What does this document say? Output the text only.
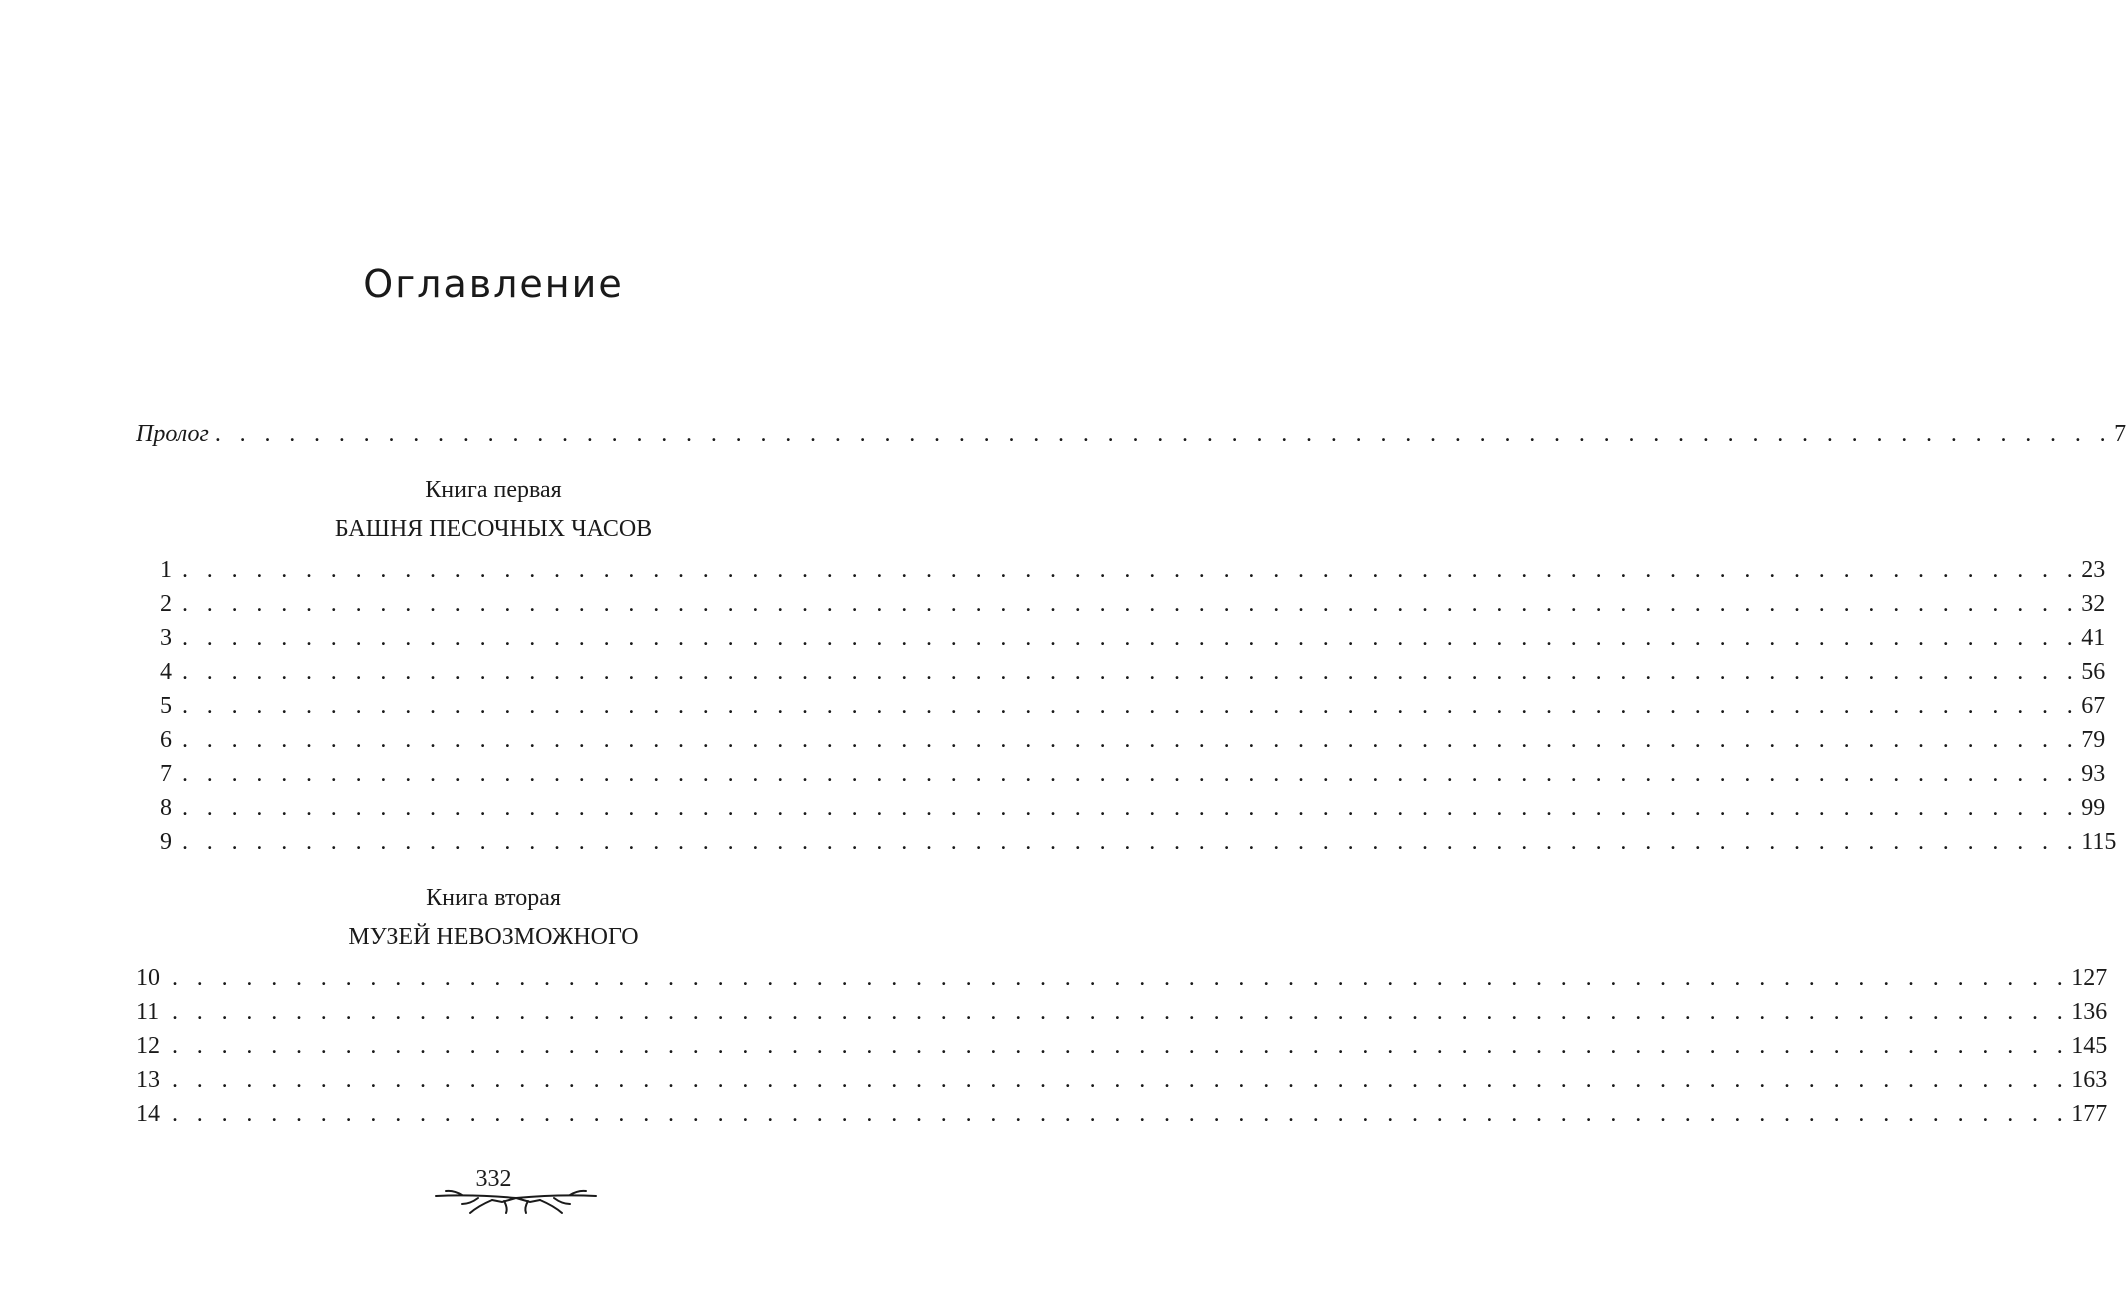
Оглавление
Пролог . . . . . . . . . . . . . . . . . . . . . . . . . . . . . . . . . . . . . . . . . . . . . . . . . . . . . . . . . . . . . . . . . . . . . . . . . . . . . 7
Книга первая
БАШНЯ ПЕСОЧНЫХ ЧАСОВ
1 . . . . . . . . . . . . . . . . . . . . . . . . . . . . . . . . . . . . . . . . . . . . . . . . . . . . . . . . . . . . . . . . . . . . . . . . . . . . . 23
2 . . . . . . . . . . . . . . . . . . . . . . . . . . . . . . . . . . . . . . . . . . . . . . . . . . . . . . . . . . . . . . . . . . . . . . . . . . . . . 32
3 . . . . . . . . . . . . . . . . . . . . . . . . . . . . . . . . . . . . . . . . . . . . . . . . . . . . . . . . . . . . . . . . . . . . . . . . . . . . . 41
4 . . . . . . . . . . . . . . . . . . . . . . . . . . . . . . . . . . . . . . . . . . . . . . . . . . . . . . . . . . . . . . . . . . . . . . . . . . . . . 56
5 . . . . . . . . . . . . . . . . . . . . . . . . . . . . . . . . . . . . . . . . . . . . . . . . . . . . . . . . . . . . . . . . . . . . . . . . . . . . . 67
6 . . . . . . . . . . . . . . . . . . . . . . . . . . . . . . . . . . . . . . . . . . . . . . . . . . . . . . . . . . . . . . . . . . . . . . . . . . . . . 79
7 . . . . . . . . . . . . . . . . . . . . . . . . . . . . . . . . . . . . . . . . . . . . . . . . . . . . . . . . . . . . . . . . . . . . . . . . . . . . . 93
8 . . . . . . . . . . . . . . . . . . . . . . . . . . . . . . . . . . . . . . . . . . . . . . . . . . . . . . . . . . . . . . . . . . . . . . . . . . . . . 99
9 . . . . . . . . . . . . . . . . . . . . . . . . . . . . . . . . . . . . . . . . . . . . . . . . . . . . . . . . . . . . . . . . . . . . . . . . . . . . . 115
Книга вторая
МУЗЕЙ НЕВОЗМОЖНОГО
10 . . . . . . . . . . . . . . . . . . . . . . . . . . . . . . . . . . . . . . . . . . . . . . . . . . . . . . . . . . . . . . . . . . . . . . . . . . . . . 127
11 . . . . . . . . . . . . . . . . . . . . . . . . . . . . . . . . . . . . . . . . . . . . . . . . . . . . . . . . . . . . . . . . . . . . . . . . . . . . . 136
12 . . . . . . . . . . . . . . . . . . . . . . . . . . . . . . . . . . . . . . . . . . . . . . . . . . . . . . . . . . . . . . . . . . . . . . . . . . . . . 145
13 . . . . . . . . . . . . . . . . . . . . . . . . . . . . . . . . . . . . . . . . . . . . . . . . . . . . . . . . . . . . . . . . . . . . . . . . . . . . . 163
14 . . . . . . . . . . . . . . . . . . . . . . . . . . . . . . . . . . . . . . . . . . . . . . . . . . . . . . . . . . . . . . . . . . . . . . . . . . . . . 177
332
